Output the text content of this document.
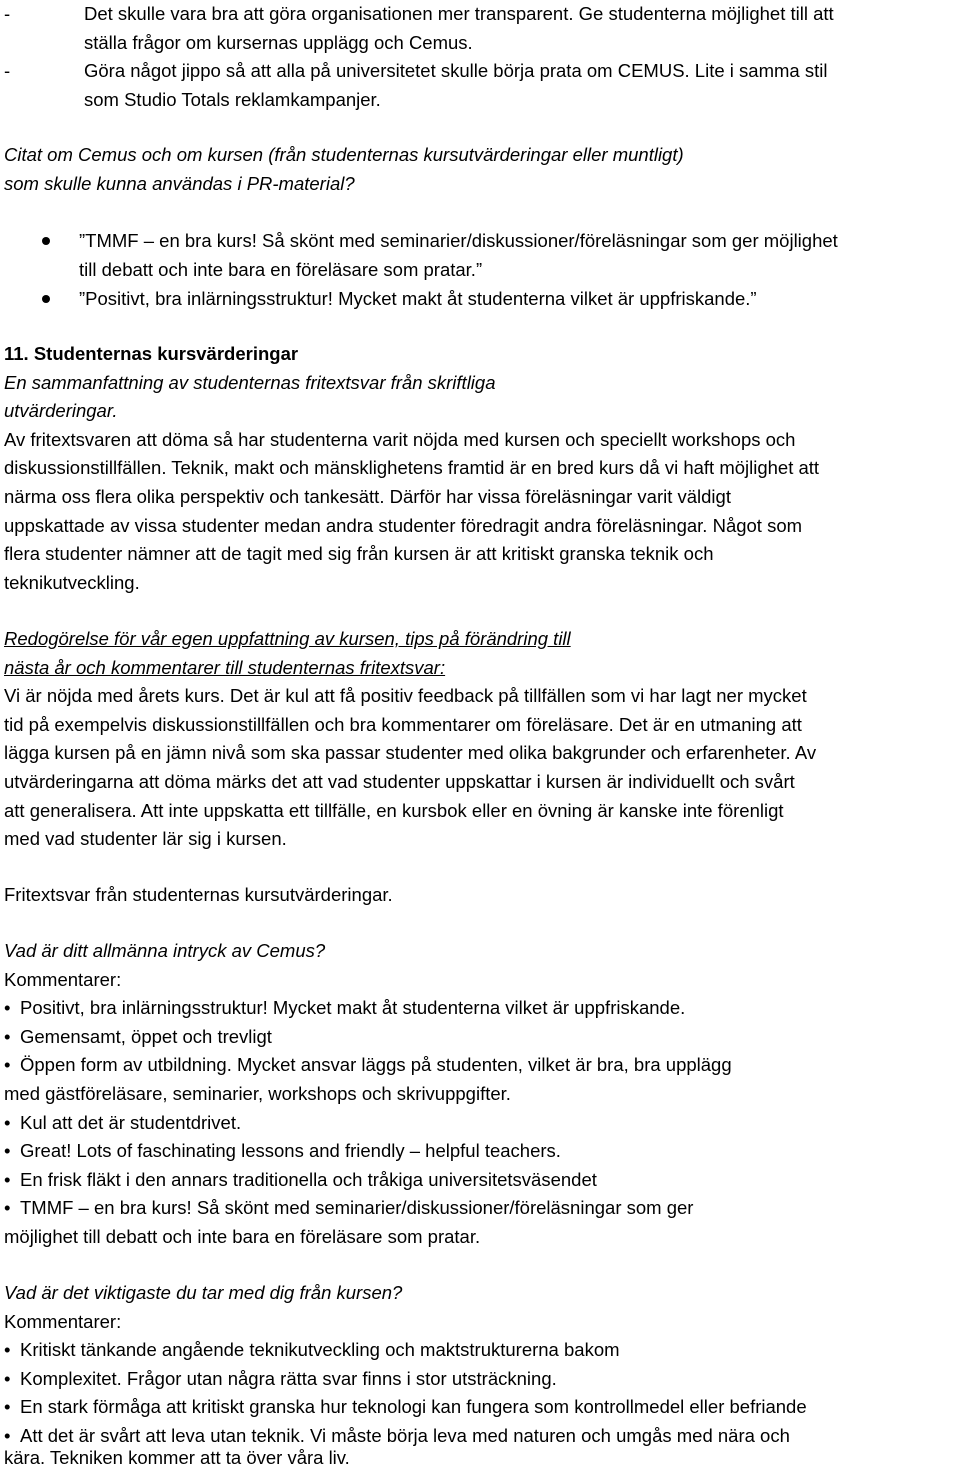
-	Det skulle vara bra att göra organisationen mer transparent. Ge studenterna möjlighet till att
ställa frågor om kursernas upplägg och Cemus.
-	Göra något jippo så att alla på universitetet skulle börja prata om CEMUS. Lite i samma stil
som Studio Totals reklamkampanjer.
Citat om Cemus och om kursen (från studenternas kursutvärderingar eller muntligt)
som skulle kunna användas i PR-material?
”TMMF – en bra kurs! Så skönt med seminarier/diskussioner/föreläsningar som ger möjlighet
till debatt och inte bara en föreläsare som pratar.”
”Positivt, bra inlärningsstruktur! Mycket makt åt studenterna vilket är uppfriskande.”
11. Studenternas kursvärderingar
En sammanfattning av studenternas fritextsvar från skriftliga
utvärderingar.
Av fritextsvaren att döma så har studenterna varit nöjda med kursen och speciellt workshops och
diskussionstillfällen. Teknik, makt och mänsklighetens framtid är en bred kurs då vi haft möjlighet att
närma oss flera olika perspektiv och tankesätt. Därför har vissa föreläsningar varit väldigt
uppskattade av vissa studenter medan andra studenter föredragit andra föreläsningar. Något som
flera studenter nämner att de tagit med sig från kursen är att kritiskt granska teknik och
teknikutveckling.
Redogörelse för vår egen uppfattning av kursen, tips på förändring till
nästa år och kommentarer till studenternas fritextsvar:
Vi är nöjda med årets kurs. Det är kul att få positiv feedback på tillfällen som vi har lagt ner mycket
tid på exempelvis diskussionstillfällen och bra kommentarer om föreläsare. Det är en utmaning att
lägga kursen på en jämn nivå som ska passar studenter med olika bakgrunder och erfarenheter. Av
utvärderingarna att döma märks det att vad studenter uppskattar i kursen är individuellt och svårt
att generalisera. Att inte uppskatta ett tillfälle, en kursbok eller en övning är kanske inte förenligt
med vad studenter lär sig i kursen.
Fritextsvar från studenternas kursutvärderingar.
Vad är ditt allmänna intryck av Cemus?
Kommentarer:
• Positivt, bra inlärningsstruktur! Mycket makt åt studenterna vilket är uppfriskande.
• Gemensamt, öppet och trevligt
• Öppen form av utbildning. Mycket ansvar läggs på studenten, vilket är bra, bra upplägg
med gästföreläsare, seminarier, workshops och skrivuppgifter.
• Kul att det är studentdrivet.
• Great! Lots of faschinating lessons and friendly – helpful teachers.
• En frisk fläkt i den annars traditionella och tråkiga universitetsväsendet
• TMMF – en bra kurs! Så skönt med seminarier/diskussioner/föreläsningar som ger
möjlighet till debatt och inte bara en föreläsare som pratar.
Vad är det viktigaste du tar med dig från kursen?
Kommentarer:
• Kritiskt tänkande angående teknikutveckling och maktstrukturerna bakom
• Komplexitet. Frågor utan några rätta svar finns i stor utsträckning.
• En stark förmåga att kritiskt granska hur teknologi kan fungera som kontrollmedel eller befriande
• Att det är svårt att leva utan teknik. Vi måste börja leva med naturen och umgås med nära och
kära. Tekniken kommer att ta över våra liv.
